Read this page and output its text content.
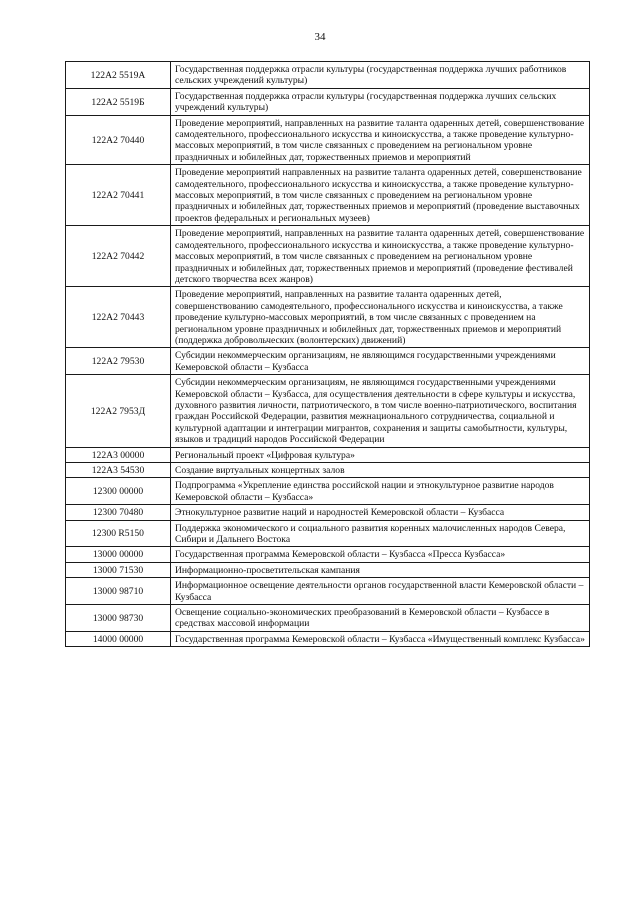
34
122A2 5519А	Государственная поддержка отрасли культуры (государственная поддержка лучших работников сельских учреждений культуры)
122A2 5519Б	Государственная поддержка отрасли культуры (государственная поддержка лучших сельских учреждений культуры)
122A2 70440	Проведение мероприятий, направленных на развитие таланта одаренных детей, совершенствование самодеятельного, профессионального искусства и киноискусства, а также проведение культурно-массовых мероприятий, в том числе связанных с проведением на региональном уровне праздничных и юбилейных дат, торжественных приемов и мероприятий
122A2 70441	Проведение мероприятий направленных на развитие таланта одаренных детей, совершенствование самодеятельного, профессионального искусства и киноискусства, а также проведение культурно-массовых мероприятий, в том числе связанных с проведением на региональном уровне праздничных и юбилейных дат, торжественных приемов и мероприятий (проведение выставочных проектов федеральных и региональных музеев)
122A2 70442	Проведение мероприятий, направленных на развитие таланта одаренных детей, совершенствование самодеятельного, профессионального искусства и киноискусства, а также проведение культурно-массовых мероприятий, в том числе связанных с проведением на региональном уровне праздничных и юбилейных дат, торжественных приемов и мероприятий (проведение фестивалей детского творчества всех жанров)
122A2 70443	Проведение мероприятий, направленных на развитие таланта одаренных детей, совершенствованию самодеятельного, профессионального искусства и киноискусства, а также проведение культурно-массовых мероприятий, в том числе связанных с проведением на региональном уровне праздничных и юбилейных дат, торжественных приемов и мероприятий (поддержка добровольческих (волонтерских) движений)
122A2 79530	Субсидии некоммерческим организациям, не являющимся государственными учреждениями Кемеровской области – Кузбасса
122A2 7953Д	Субсидии некоммерческим организациям, не являющимся государственными учреждениями Кемеровской области – Кузбасса, для осуществления деятельности в сфере культуры и искусства, духовного развития личности, патриотического, в том числе военно-патриотического, воспитания граждан Российской Федерации, развития межнационального сотрудничества, социальной и культурной адаптации и интеграции мигрантов, сохранения и защиты самобытности, культуры, языков и традиций народов Российской Федерации
122A3 00000	Региональный проект «Цифровая культура»
122A3 54530	Создание виртуальных концертных залов
12300 00000	Подпрограмма «Укрепление единства российской нации и этнокультурное развитие народов Кемеровской области – Кузбасса»
12300 70480	Этнокультурное развитие наций и народностей Кемеровской области – Кузбасса
12300 R5150	Поддержка экономического и социального развития коренных малочисленных народов Севера, Сибири и Дальнего Востока
13000 00000	Государственная программа Кемеровской области – Кузбасса «Пресса Кузбасса»
13000 71530	Информационно-просветительская кампания
13000 98710	Информационное освещение деятельности органов государственной власти Кемеровской области – Кузбасса
13000 98730	Освещение социально-экономических преобразований в Кемеровской области – Кузбассе в средствах массовой информации
14000 00000	Государственная программа Кемеровской области – Кузбасса «Имущественный комплекс Кузбасса»
